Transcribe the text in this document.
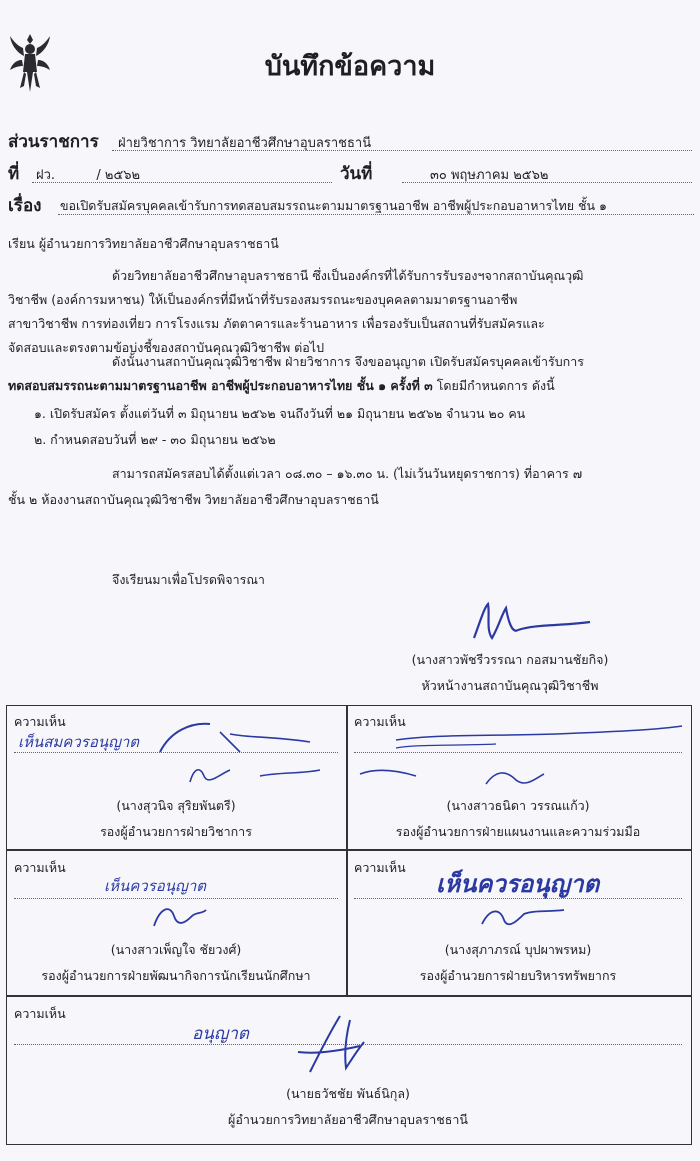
บันทึกข้อความ
ส่วนราชการ ฝ่ายวิชาการ วิทยาลัยอาชีวศึกษาอุบลราชธานี
ที่ ฝว.          / ๒๕๖๒	วันที่	๓๐ พฤษภาคม ๒๕๖๒
เรื่อง ขอเปิดรับสมัครบุคคลเข้ารับการทดสอบสมรรถนะตามมาตรฐานอาชีพ อาชีพผู้ประกอบอาหารไทย ชั้น ๑
เรียน ผู้อำนวยการวิทยาลัยอาชีวศึกษาอุบลราชธานี
ด้วยวิทยาลัยอาชีวศึกษาอุบลราชธานี ซึ่งเป็นองค์กรที่ได้รับการรับรองฯจากสถาบันคุณวุฒิ
วิชาชีพ (องค์การมหาชน) ให้เป็นองค์กรที่มีหน้าที่รับรองสมรรถนะของบุคคลตามมาตรฐานอาชีพ
สาขาวิชาชีพ การท่องเที่ยว การโรงแรม ภัตตาคารและร้านอาหาร เพื่อรองรับเป็นสถานที่รับสมัครและ
จัดสอบและตรงตามข้อบ่งชี้ของสถาบันคุณวุฒิวิชาชีพ ต่อไป
ดังนั้นงานสถาบันคุณวุฒิวิชาชีพ ฝ่ายวิชาการ จึงขออนุญาต เปิดรับสมัครบุคคลเข้ารับการ
ทดสอบสมรรถนะตามมาตรฐานอาชีพ อาชีพผู้ประกอบอาหารไทย ชั้น ๑ ครั้งที่ ๓ โดยมีกำหนดการ ดังนี้
๑. เปิดรับสมัคร ตั้งแต่วันที่ ๓ มิถุนายน ๒๕๖๒ จนถึงวันที่ ๒๑ มิถุนายน ๒๕๖๒ จำนวน ๒๐ คน
๒. กำหนดสอบวันที่ ๒๙ - ๓๐ มิถุนายน ๒๕๖๒
สามารถสมัครสอบได้ตั้งแต่เวลา ๐๘.๓๐ – ๑๖.๓๐ น. (ไม่เว้นวันหยุดราชการ) ที่อาคาร ๗
ชั้น ๒ ห้องงานสถาบันคุณวุฒิวิชาชีพ วิทยาลัยอาชีวศึกษาอุบลราชธานี
จึงเรียนมาเพื่อโปรดพิจารณา
(นางสาวพัชรีวรรณา กอสมานชัยกิจ)
หัวหน้างานสถาบันคุณวุฒิวิชาชีพ
ความเห็น
เห็นสมควรอนุญาต
(นางสุวนิจ สุริยพันตรี)
รองผู้อำนวยการฝ่ายวิชาการ
ความเห็น
(นางสาวธนิดา วรรณแก้ว)
รองผู้อำนวยการฝ่ายแผนงานและความร่วมมือ
ความเห็น
เห็นควรอนุญาต
(นางสาวเพ็ญใจ ชัยวงศ์)
รองผู้อำนวยการฝ่ายพัฒนากิจการนักเรียนนักศึกษา
ความเห็น
เห็นควรอนุญาต
(นางสุภาภรณ์ บุปผาพรหม)
รองผู้อำนวยการฝ่ายบริหารทรัพยากร
ความเห็น
อนุญาต
(นายธวัชชัย พันธ์นิกุล)
ผู้อำนวยการวิทยาลัยอาชีวศึกษาอุบลราชธานี
